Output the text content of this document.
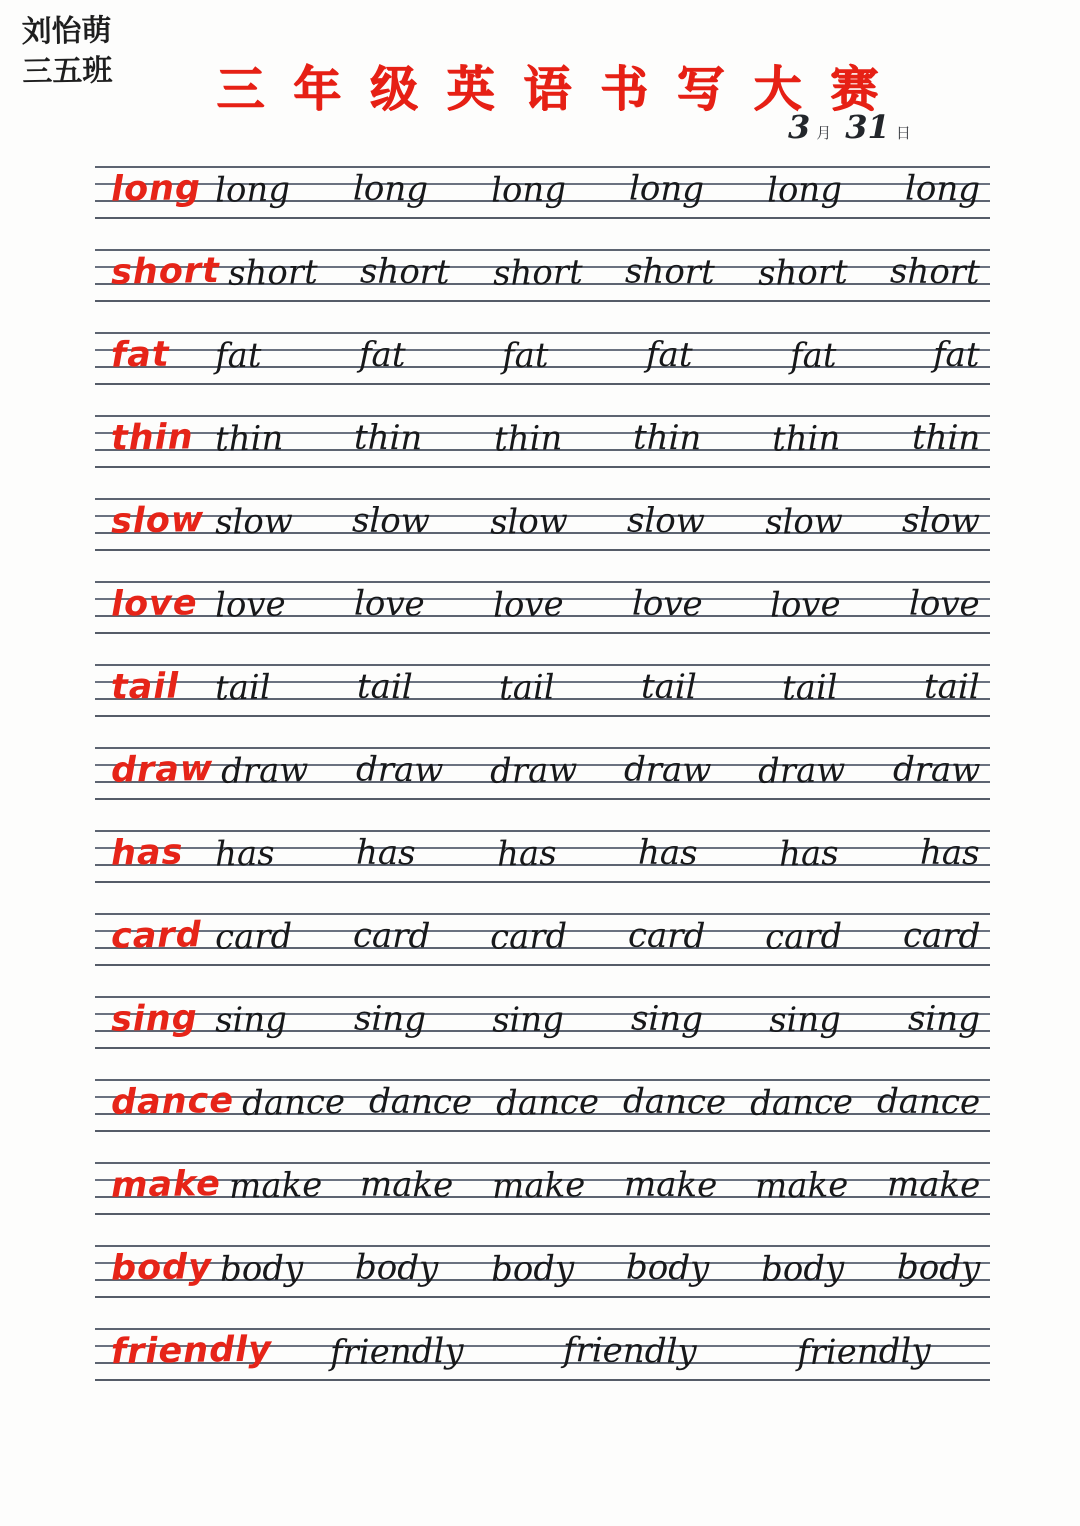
刘怡萌
三五班	三 年 级 英 语 书 写 大 赛
3 月 31 日
long long long long long long long
short short short short short short short
fat	fat	fat	fat	fat	fat	fat
thin thin thin thin thin thin thin
slow slow slow slow slow slow slow
love love love love love love love
tail	tail	tail	tail	tail	tail	tail
draw draw draw draw draw draw draw
has has has has has has has
card card card card card card card
sing sing sing sing sing sing sing
dance dance dance dance dance dance dance
make make make make make make make
body body body body body body body
friendly friendly	friendly	friendly
